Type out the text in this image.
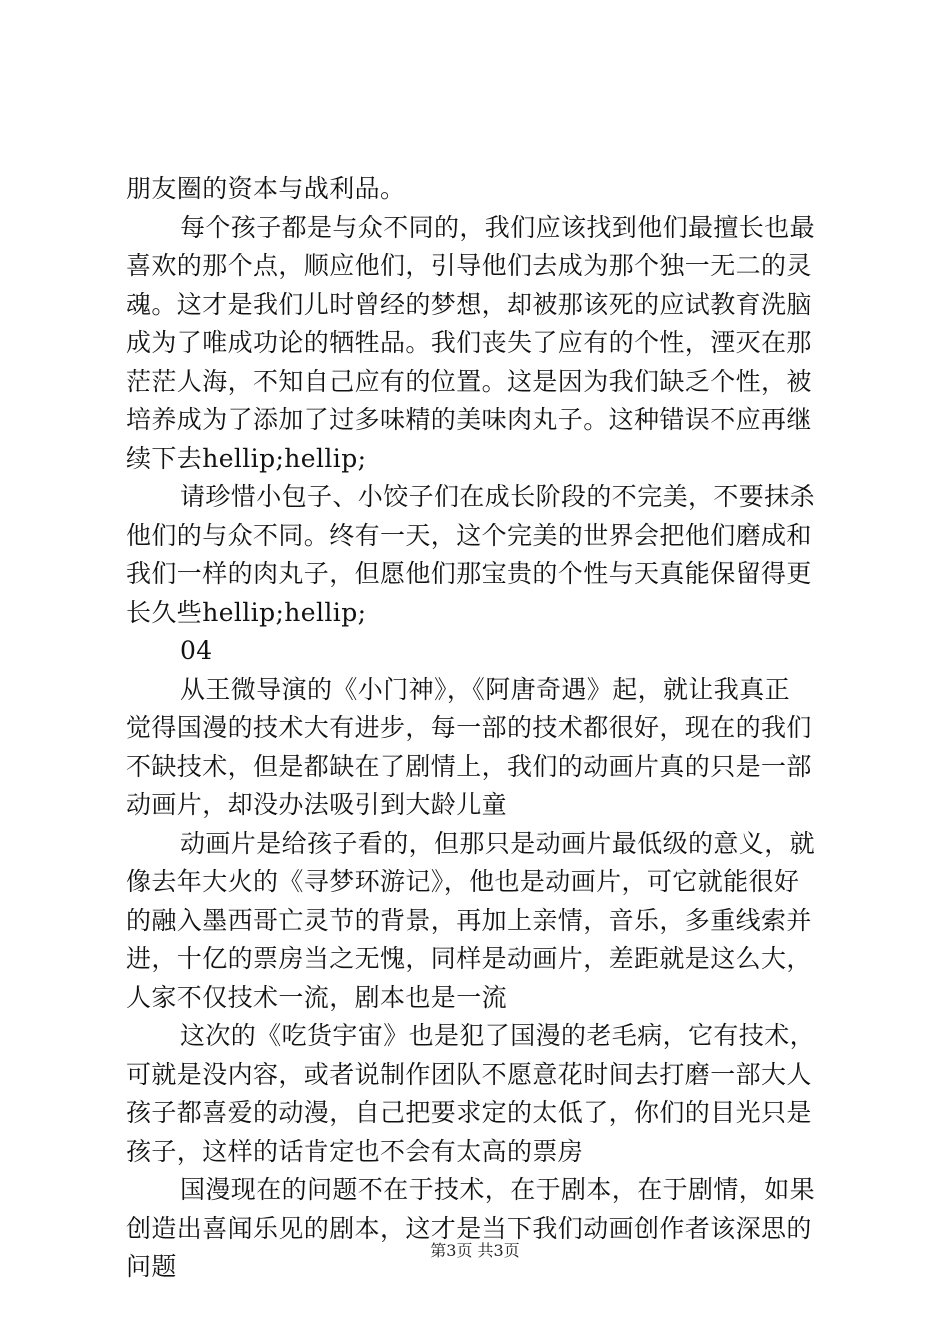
朋友圈的资本与战利品。
每个孩子都是与众不同的，我们应该找到他们最擅长也最
喜欢的那个点，顺应他们，引导他们去成为那个独一无二的灵
魂。这才是我们儿时曾经的梦想，却被那该死的应试教育洗脑
成为了唯成功论的牺牲品。我们丧失了应有的个性，湮灭在那
茫茫人海，不知自己应有的位置。这是因为我们缺乏个性，被
培养成为了添加了过多味精的美味肉丸子。这种错误不应再继
续下去hellip;hellip;
请珍惜小包子、小饺子们在成长阶段的不完美，不要抹杀
他们的与众不同。终有一天，这个完美的世界会把他们磨成和
我们一样的肉丸子，但愿他们那宝贵的个性与天真能保留得更
长久些hellip;hellip;
04
从王微导演的《小门神》，《阿唐奇遇》起，就让我真正
觉得国漫的技术大有进步，每一部的技术都很好，现在的我们
不缺技术，但是都缺在了剧情上，我们的动画片真的只是一部
动画片，却没办法吸引到大龄儿童
动画片是给孩子看的，但那只是动画片最低级的意义，就
像去年大火的《寻梦环游记》，他也是动画片，可它就能很好
的融入墨西哥亡灵节的背景，再加上亲情，音乐，多重线索并
进，十亿的票房当之无愧，同样是动画片，差距就是这么大，
人家不仅技术一流，剧本也是一流
这次的《吃货宇宙》也是犯了国漫的老毛病，它有技术，
可就是没内容，或者说制作团队不愿意花时间去打磨一部大人
孩子都喜爱的动漫，自己把要求定的太低了，你们的目光只是
孩子，这样的话肯定也不会有太高的票房
国漫现在的问题不在于技术，在于剧本，在于剧情，如果
创造出喜闻乐见的剧本，这才是当下我们动画创作者该深思的
问题
第3页 共3页
